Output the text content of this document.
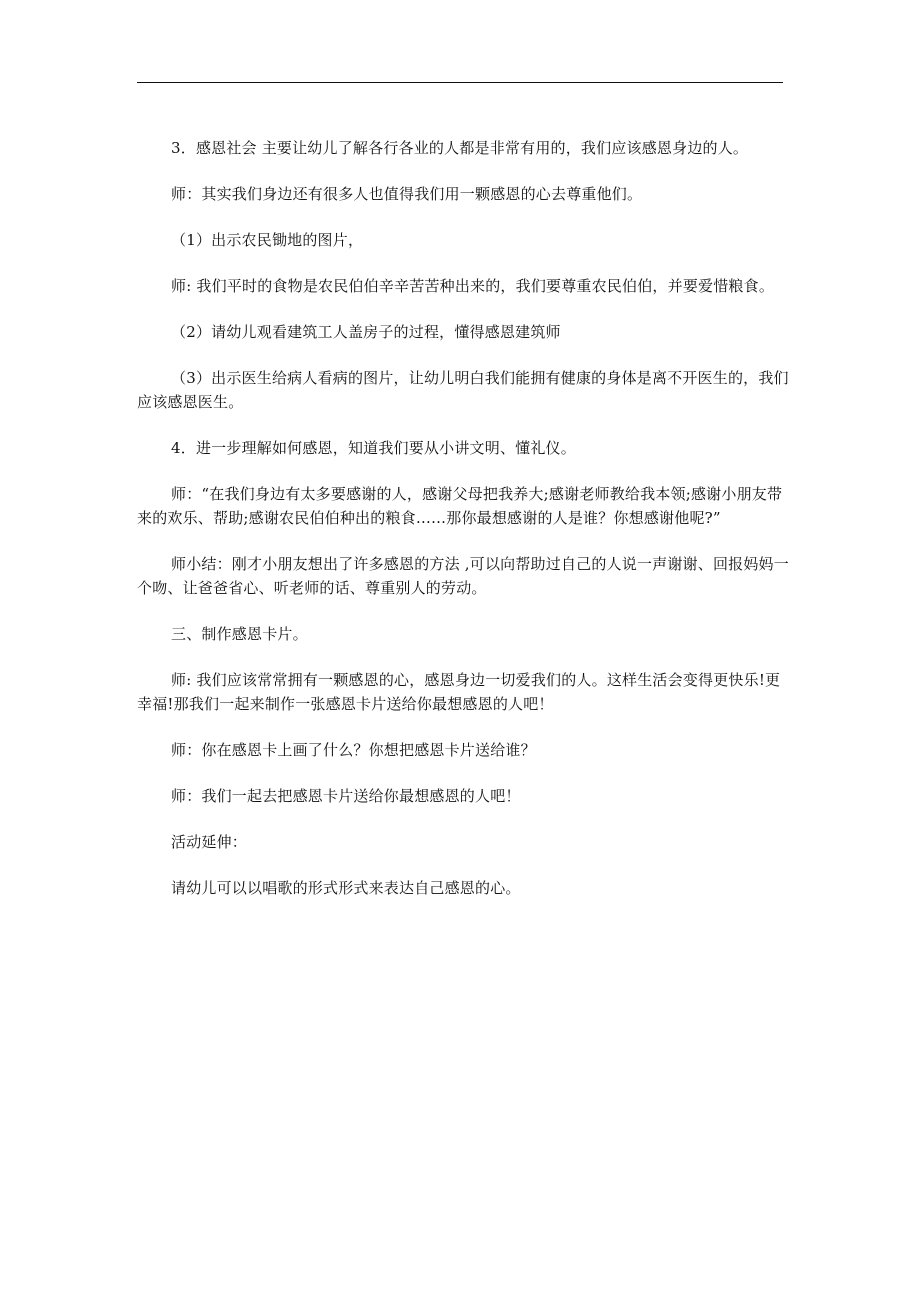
3．感恩社会 主要让幼儿了解各行各业的人都是非常有用的，我们应该感恩身边的人。

师：其实我们身边还有很多人也值得我们用一颗感恩的心去尊重他们。

（1）出示农民锄地的图片，

师: 我们平时的食物是农民伯伯辛辛苦苦种出来的，我们要尊重农民伯伯，并要爱惜粮食。

（2）请幼儿观看建筑工人盖房子的过程，懂得感恩建筑师

（3）出示医生给病人看病的图片，让幼儿明白我们能拥有健康的身体是离不开医生的，我们应该感恩医生。

4．进一步理解如何感恩，知道我们要从小讲文明、懂礼仪。

师：“在我们身边有太多要感谢的人，感谢父母把我养大;感谢老师教给我本领;感谢小朋友带来的欢乐、帮助;感谢农民伯伯种出的粮食……那你最想感谢的人是谁？你想感谢他呢?”

师小结：刚才小朋友想出了许多感恩的方法 ,可以向帮助过自己的人说一声谢谢、回报妈妈一个吻、让爸爸省心、听老师的话、尊重别人的劳动。

三、制作感恩卡片。

师: 我们应该常常拥有一颗感恩的心，感恩身边一切爱我们的人。这样生活会变得更快乐!更幸福!那我们一起来制作一张感恩卡片送给你最想感恩的人吧！

师：你在感恩卡上画了什么？你想把感恩卡片送给谁？

师：我们一起去把感恩卡片送给你最想感恩的人吧！

活动延伸：

请幼儿可以以唱歌的形式形式来表达自己感恩的心。
